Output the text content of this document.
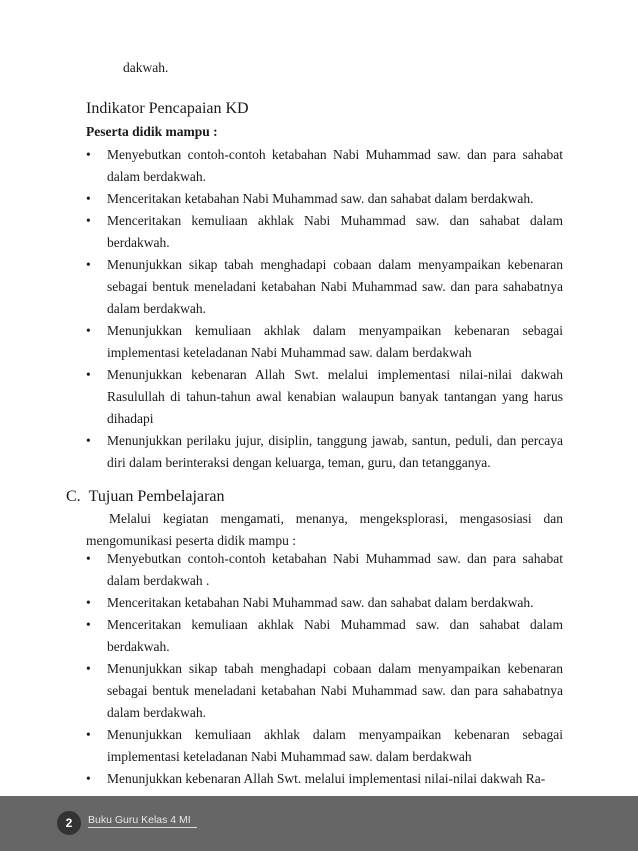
dakwah.
Indikator Pencapaian KD
Peserta didik mampu :
• Menyebutkan contoh-contoh ketabahan Nabi Muhammad saw. dan para sahabat dalam berdakwah.
• Menceritakan ketabahan Nabi Muhammad saw. dan sahabat dalam berdakwah.
• Menceritakan kemuliaan akhlak Nabi Muhammad saw. dan sahabat dalam berdakwah.
• Menunjukkan sikap tabah menghadapi cobaan dalam menyampaikan kebenaran sebagai bentuk meneladani ketabahan Nabi Muhammad saw. dan para sahabatnya dalam berdakwah.
• Menunjukkan kemuliaan akhlak dalam menyampaikan kebenaran sebagai implementasi keteladanan Nabi Muhammad saw. dalam berdakwah
• Menunjukkan kebenaran Allah Swt. melalui implementasi nilai-nilai dakwah Rasulullah di tahun-tahun awal kenabian walaupun banyak tantangan yang harus dihadapi
• Menunjukkan perilaku jujur, disiplin, tanggung jawab, santun, peduli, dan percaya diri dalam berinteraksi dengan keluarga, teman, guru, dan tetangganya.
C. Tujuan Pembelajaran

Melalui kegiatan mengamati, menanya, mengeksplorasi, mengasosiasi dan mengomunikasi peserta didik mampu :

• Menyebutkan contoh-contoh ketabahan Nabi Muhammad saw. dan para sahabat dalam berdakwah .
• Menceritakan ketabahan Nabi Muhammad saw. dan sahabat dalam berdakwah.
• Menceritakan kemuliaan akhlak Nabi Muhammad saw. dan sahabat dalam berdakwah.
• Menunjukkan sikap tabah menghadapi cobaan dalam menyampaikan kebenaran sebagai bentuk meneladani ketabahan Nabi Muhammad saw. dan para sahabatnya dalam berdakwah.
• Menunjukkan kemuliaan akhlak dalam menyampaikan kebenaran sebagai implementasi keteladanan Nabi Muhammad saw. dalam berdakwah
• Menunjukkan kebenaran Allah Swt. melalui implementasi nilai-nilai dakwah Ra-
2	Buku Guru Kelas 4 MI
